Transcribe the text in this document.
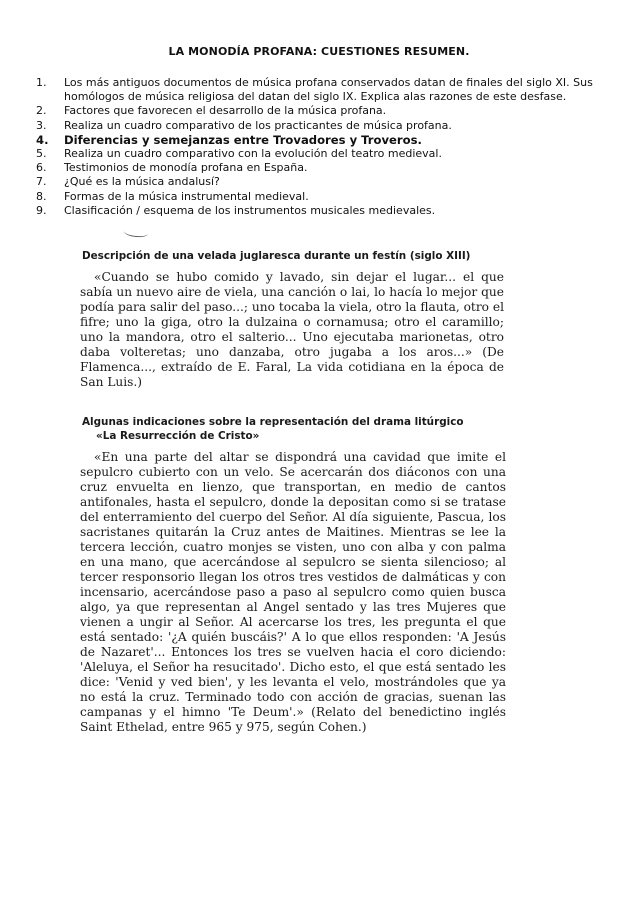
LA MONODÍA PROFANA: CUESTIONES RESUMEN.
1. Los más antiguos documentos de música profana conservados datan de finales del siglo XI. Sus homólogos de música religiosa del datan del siglo IX. Explica alas razones de este desfase.
2. Factores que favorecen el desarrollo de la música profana.
3. Realiza un cuadro comparativo de los practicantes de música profana.
4. Diferencias y semejanzas entre Trovadores y Troveros.
5. Realiza un cuadro comparativo con la evolución del teatro medieval.
6. Testimonios de monodía profana en España.
7. ¿Qué es la música andalusí?
8. Formas de la música instrumental medieval.
9. Clasificación / esquema de los instrumentos musicales medievales.

Descripción de una velada juglaresca durante un festín (siglo XIII)

«Cuando se hubo comido y lavado, sin dejar el lugar... el que sabía un nuevo aire de viela, una canción o lai, lo hacía lo mejor que podía para salir del paso...; uno tocaba la viela, otro la flauta, otro el fifre; uno la giga, otro la dulzaina o cornamusa; otro el caramillo; uno la mandora, otro el salterio... Uno ejecutaba marionetas, otro daba volteretas; uno danzaba, otro jugaba a los aros...» (De Flamenca..., extraído de E. Faral, La vida cotidiana en la época de San Luis.)

Algunas indicaciones sobre la representación del drama litúrgico

«La Resurrección de Cristo»

«En una parte del altar se dispondrá una cavidad que imite el sepulcro cubierto con un velo. Se acercarán dos diáconos con una cruz envuelta en lienzo, que transportan, en medio de cantos antifonales, hasta el sepulcro, donde la depositan como si se tratase del enterramiento del cuerpo del Señor. Al día siguiente, Pascua, los sacristanes quitarán la Cruz antes de Maitines. Mientras se lee la tercera lección, cuatro monjes se visten, uno con alba y con palma en una mano, que acercándose al sepulcro se sienta silencioso; al tercer responsorio llegan los otros tres vestidos de dalmáticas y con incensario, acercándose paso a paso al sepulcro como quien busca algo, ya que representan al Angel sentado y las tres Mujeres que vienen a ungir al Señor. Al acercarse los tres, les pregunta el que está sentado: '¿A quién buscáis?' A lo que ellos responden: 'A Jesús de Nazaret'... Entonces los tres se vuelven hacia el coro diciendo: 'Aleluya, el Señor ha resucitado'. Dicho esto, el que está sentado les dice: 'Venid y ved bien', y les levanta el velo, mostrándoles que ya no está la cruz. Terminado todo con acción de gracias, suenan las campanas y el himno 'Te Deum'.» (Relato del benedictino inglés Saint Ethelad, entre 965 y 975, según Cohen.)
